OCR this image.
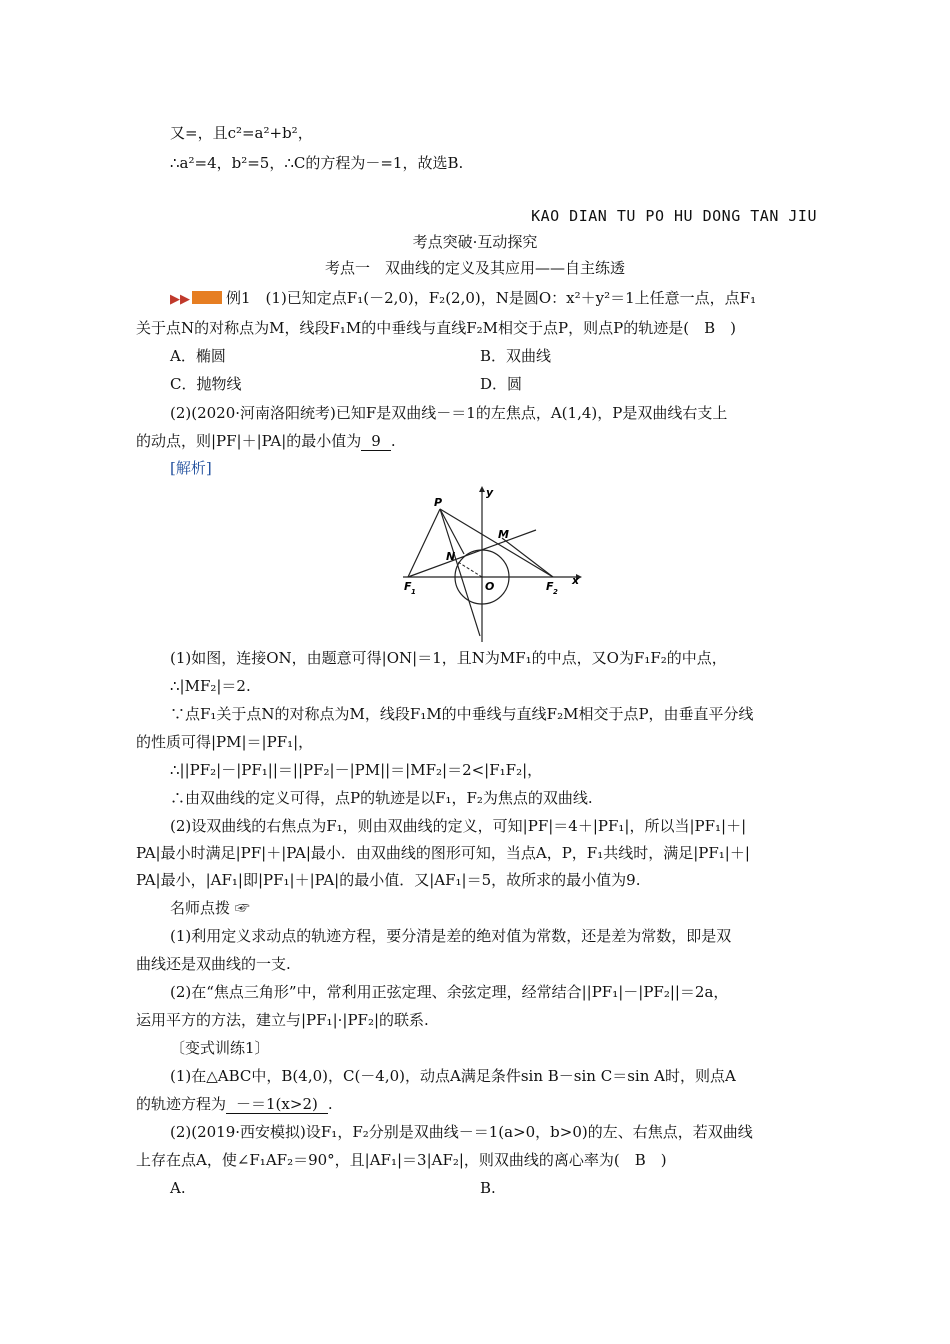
又=，且c²=a²+b²，
∴a²=4，b²=5，∴C的方程为－=1，故选B.
KAO DIAN TU PO HU DONG TAN JIU
考点突破·互动探究
考点一　双曲线的定义及其应用——自主练透
▶▶ 例1　(1)已知定点F₁(－2,0)，F₂(2,0)，N是圆O：x²＋y²＝1上任意一点，点F₁
关于点N的对称点为M，线段F₁M的中垂线与直线F₂M相交于点P，则点P的轨迹是(　B　)
A．椭圆	B．双曲线
C．抛物线	D．圆
(2)(2020·河南洛阳统考)已知F是双曲线－＝1的左焦点，A(1,4)，P是双曲线右支上
的动点，则|PF|＋|PA|的最小值为 9 .
[解析]
P
M
N
O
F 1	F 2
x
y
(1)如图，连接ON，由题意可得|ON|＝1，且N为MF₁的中点，又O为F₁F₂的中点，
∴|MF₂|＝2.
∵点F₁关于点N的对称点为M，线段F₁M的中垂线与直线F₂M相交于点P，由垂直平分线
的性质可得|PM|＝|PF₁|，
∴||PF₂|－|PF₁||＝||PF₂|－|PM||＝|MF₂|＝2<|F₁F₂|，
∴由双曲线的定义可得，点P的轨迹是以F₁，F₂为焦点的双曲线.
(2)设双曲线的右焦点为F₁，则由双曲线的定义，可知|PF|＝4＋|PF₁|，所以当|PF₁|＋|
PA|最小时满足|PF|＋|PA|最小．由双曲线的图形可知，当点A，P，F₁共线时，满足|PF₁|＋|
PA|最小，|AF₁|即|PF₁|＋|PA|的最小值．又|AF₁|＝5，故所求的最小值为9.
名师点拨 ☞
(1)利用定义求动点的轨迹方程，要分清是差的绝对值为常数，还是差为常数，即是双
曲线还是双曲线的一支.
(2)在“焦点三角形”中，常利用正弦定理、余弦定理，经常结合||PF₁|－|PF₂||＝2a，
运用平方的方法，建立与|PF₁|·|PF₂|的联系.
〔变式训练1〕
(1)在△ABC中，B(4,0)，C(－4,0)，动点A满足条件sin B－sin C＝sin A时，则点A
的轨迹方程为 －＝1(x>2) .
(2)(2019·西安模拟)设F₁，F₂分别是双曲线－＝1(a>0，b>0)的左、右焦点，若双曲线
上存在点A，使∠F₁AF₂＝90°，且|AF₁|＝3|AF₂|，则双曲线的离心率为(　B　)
A.	B.
